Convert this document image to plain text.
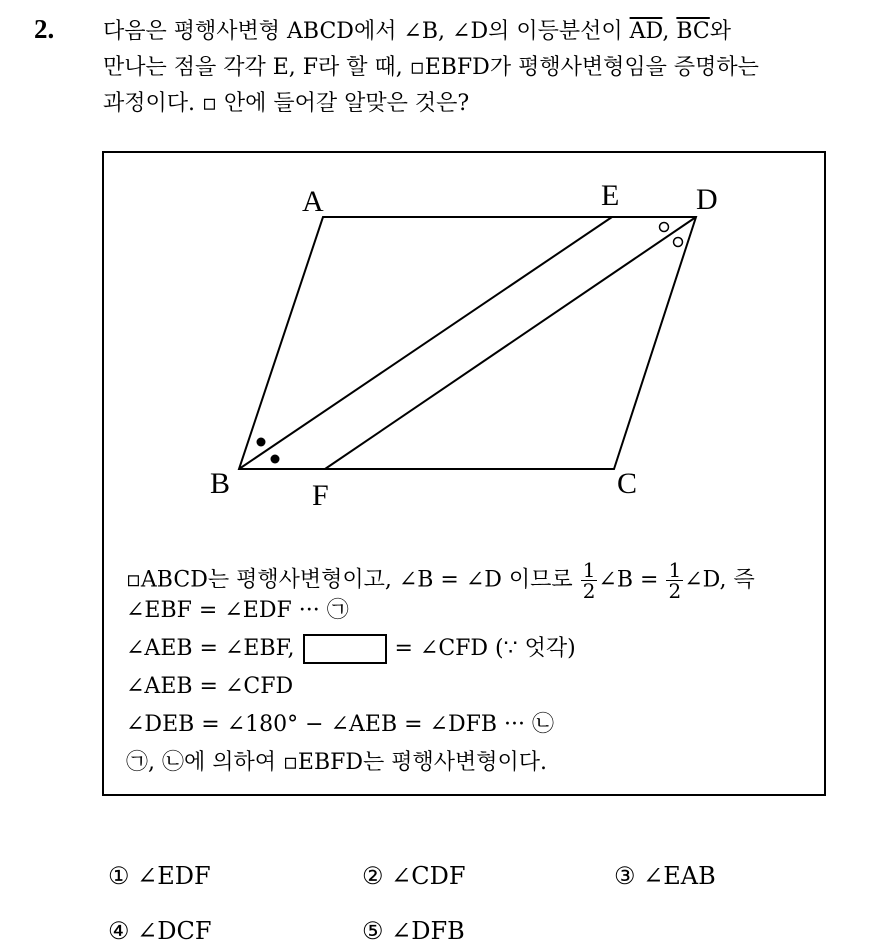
2. 다음은 평행사변형 ABCD에서 ∠B, ∠D의 이등분선이 $\overline{AD}$, $\overline{BC}$와
만나는 점을 각각 E, F라 할 때, ▫EBFD가 평행사변형임을 증명하는
과정이다. ▫ 안에 들어갈 알맞은 것은?
A	E	D
B	F	C
▫ABCD는 평행사변형이고, ∠B = ∠D 이므로 $\frac{1}{2}$ ∠B = $\frac{1}{2}$ ∠D, 즉
∠EBF = ∠EDF ··· ㉠
∠AEB = ∠EBF,	= ∠CFD (∵ 엇각)
∠AEB = ∠CFD
∠DEB = ∠180° − ∠AEB = ∠DFB ··· ㉡
㉠, ㉡에 의하여 ▫EBFD는 평행사변형이다.
① ∠EDF	② ∠CDF	③ ∠EAB
④ ∠DCF	⑤ ∠DFB
